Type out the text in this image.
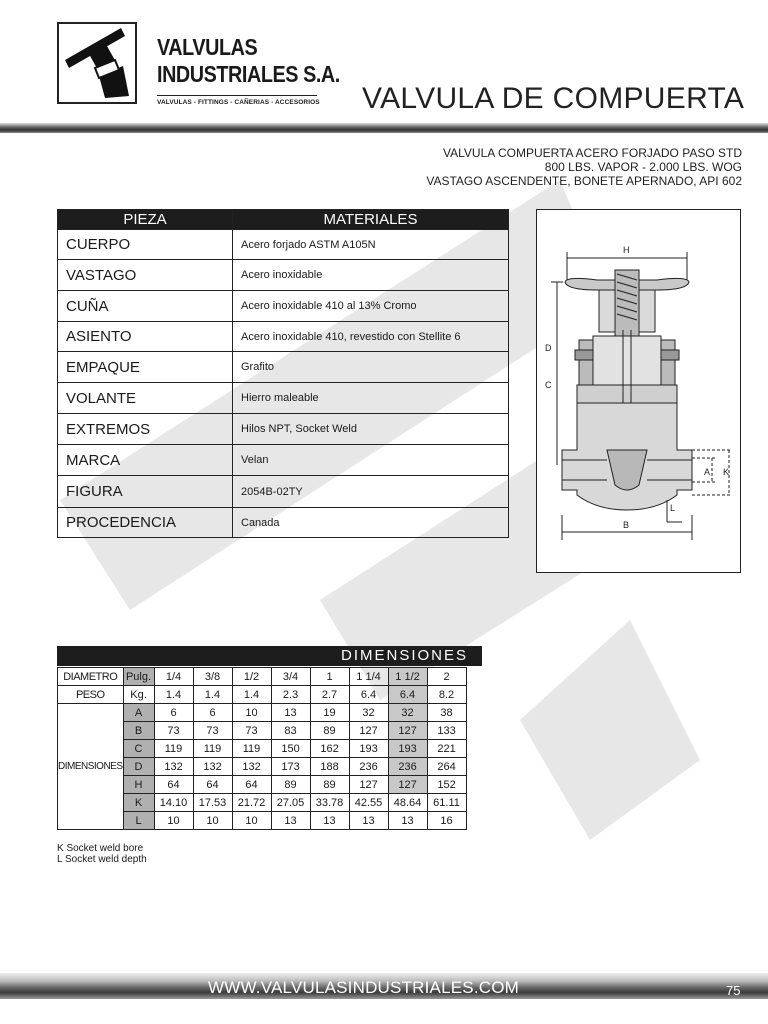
VALVULAS
INDUSTRIALES S.A.
VALVULAS - FITTINGS - CAÑERIAS - ACCESORIOS VALVULA DE COMPUERTA
VALVULA COMPUERTA ACERO FORJADO PASO STD
800 LBS. VAPOR - 2.000 LBS. WOG
VASTAGO ASCENDENTE, BONETE APERNADO, API 602
PIEZA	MATERIALES
CUERPO	Acero forjado ASTM A105N
VASTAGO	Acero inoxidable
CUÑA	Acero inoxidable 410 al 13% Cromo
ASIENTO	Acero inoxidable 410, revestido con Stellite 6
EMPAQUE	Grafito
VOLANTE	Hierro maleable
EXTREMOS	Hilos NPT, Socket Weld
MARCA	Velan
FIGURA	2054B-02TY
PROCEDENCIA	Canada
H
D
C
A K
L
B
DIMENSIONES
DIAMETRO	Pulg.	1/4	3/8	1/2	3/4	1	1 1/4	1 1/2	2
PESO	Kg.	1.4	1.4	1.4	2.3	2.7	6.4	6.4	8.2
DIMENSIONES	A	6	6	10	13	19	32	32	38
	B	73	73	73	83	89	127	127	133
	C	119	119	119	150	162	193	193	221
	D	132	132	132	173	188	236	236	264
	H	64	64	64	89	89	127	127	152
	K	14.10	17.53	21.72	27.05	33.78	42.55	48.64	61.11
	L	10	10	10	13	13	13	13	16
K Socket weld bore
L Socket weld depth
WWW.VALVULASINDUSTRIALES.COM	75
